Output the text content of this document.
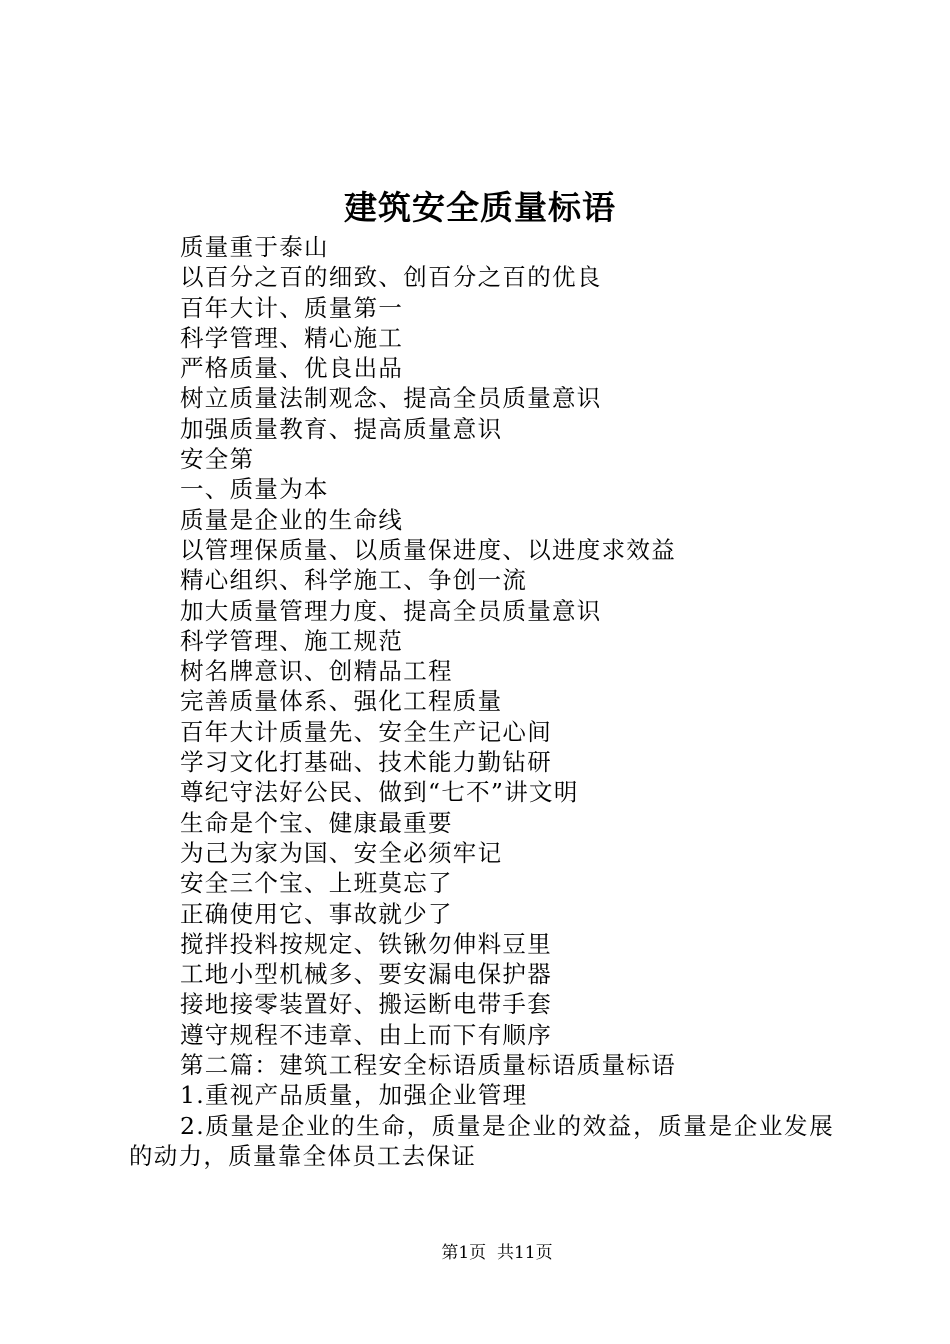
建筑安全质量标语

质量重于泰山

以百分之百的细致、创百分之百的优良

百年大计、质量第一

科学管理、精心施工

严格质量、优良出品

树立质量法制观念、提高全员质量意识

加强质量教育、提高质量意识

安全第

一、质量为本

质量是企业的生命线

以管理保质量、以质量保进度、以进度求效益

精心组织、科学施工、争创一流

加大质量管理力度、提高全员质量意识

科学管理、施工规范

树名牌意识、创精品工程

完善质量体系、强化工程质量

百年大计质量先、安全生产记心间

学习文化打基础、技术能力勤钻研

尊纪守法好公民、做到“七不”讲文明

生命是个宝、健康最重要

为己为家为国、安全必须牢记

安全三个宝、上班莫忘了

正确使用它、事故就少了

搅拌投料按规定、铁锹勿伸料豆里

工地小型机械多、要安漏电保护器

接地接零装置好、搬运断电带手套

遵守规程不违章、由上而下有顺序

第二篇：建筑工程安全标语质量标语质量标语

1.重视产品质量，加强企业管理

2.质量是企业的生命，质量是企业的效益，质量是企业发展的动力，质量靠全体员工去保证

第1页  共11页
